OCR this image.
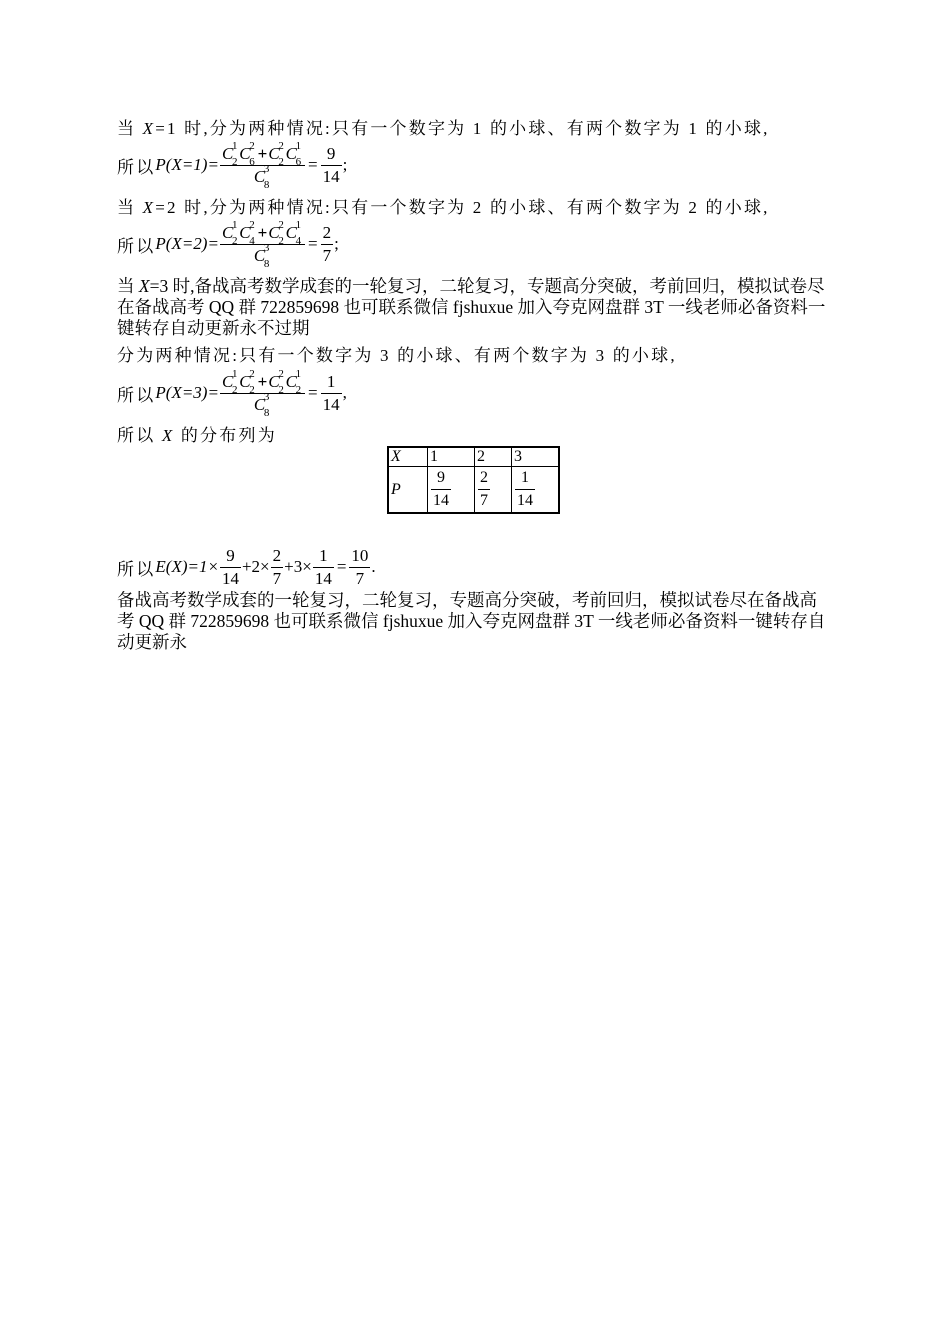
当 X=1 时,分为两种情况:只有一个数字为 1 的小球、有两个数字为 1 的小球,
所以 P(X=1)= C
1
2 C
2
6 +C
2
2 C
1
6
C
3
$8 = \frac{9}{14}$ ;
当 X=2 时,分为两种情况:只有一个数字为 2 的小球、有两个数字为 2 的小球,
所以 P(X=2)= C
1
2 C
2
4 +C
2
2 C
1
4
C
3
$8 = \frac{2}{7}$ ;
当 X=3 时,备战高考数学成套的一轮复习，二轮复习，专题高分突破，考前回归，模拟试卷尽在备战高考 QQ 群 722859698 也可联系微信 fjshuxue 加入夸克网盘群 3T 一线老师必备资料一键转存自动更新永不过期
分为两种情况:只有一个数字为 3 的小球、有两个数字为 3 的小球,
所以 P(X=3)= C
1
2 C
2
2 +C
2
2 C
1
2
C
3
$8 = \frac{1}{14}$ ,
所以 X 的分布列为
X	1	2	3
P	$\frac{9}{14}$	$\frac{2}{7}$	$\frac{1}{14}$
所以 $E(X)=1\times \frac{9}{14} +2\times \frac{2}{7} +3\times \frac{1}{14} = \frac{10}{7}$ .
备战高考数学成套的一轮复习，二轮复习，专题高分突破，考前回归，模拟试卷尽在备战高考 QQ 群 722859698 也可联系微信 fjshuxue 加入夸克网盘群 3T 一线老师必备资料一键转存自动更新永
